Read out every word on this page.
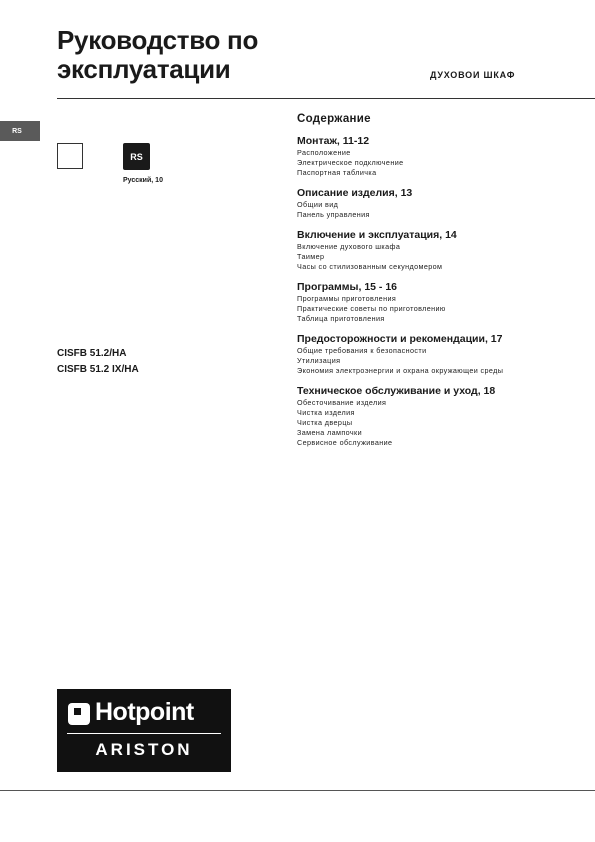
Руководство по
эксплуатации	ДУХОВОИ ШКАФ
RS
RS
Русский, 10
CISFB 51.2/HA
CISFB 51.2 IX/HA
Содержание
Монтаж, 11-12
Расположение
Электрическое подключение
Паспортная табличка
Описание изделия, 13
Общии вид
Панель управления
Включение и эксплуатация, 14
Включение духового шкафа
Таимер
Часы со стилизованным секундомером
Программы, 15 - 16
Программы приготовления
Практические советы по приготовлению
Таблица приготовления
Предосторожности и рекомендации, 17
Общие требования к безопасности
Утилизация
Экономия электроэнергии и охрана окружающеи среды
Техническое обслуживание и уход, 18
Обесточивание изделия
Чистка изделия
Чистка дверцы
Замена лампочки
Сервисное обслуживание
Hotpoint
ARISTON
